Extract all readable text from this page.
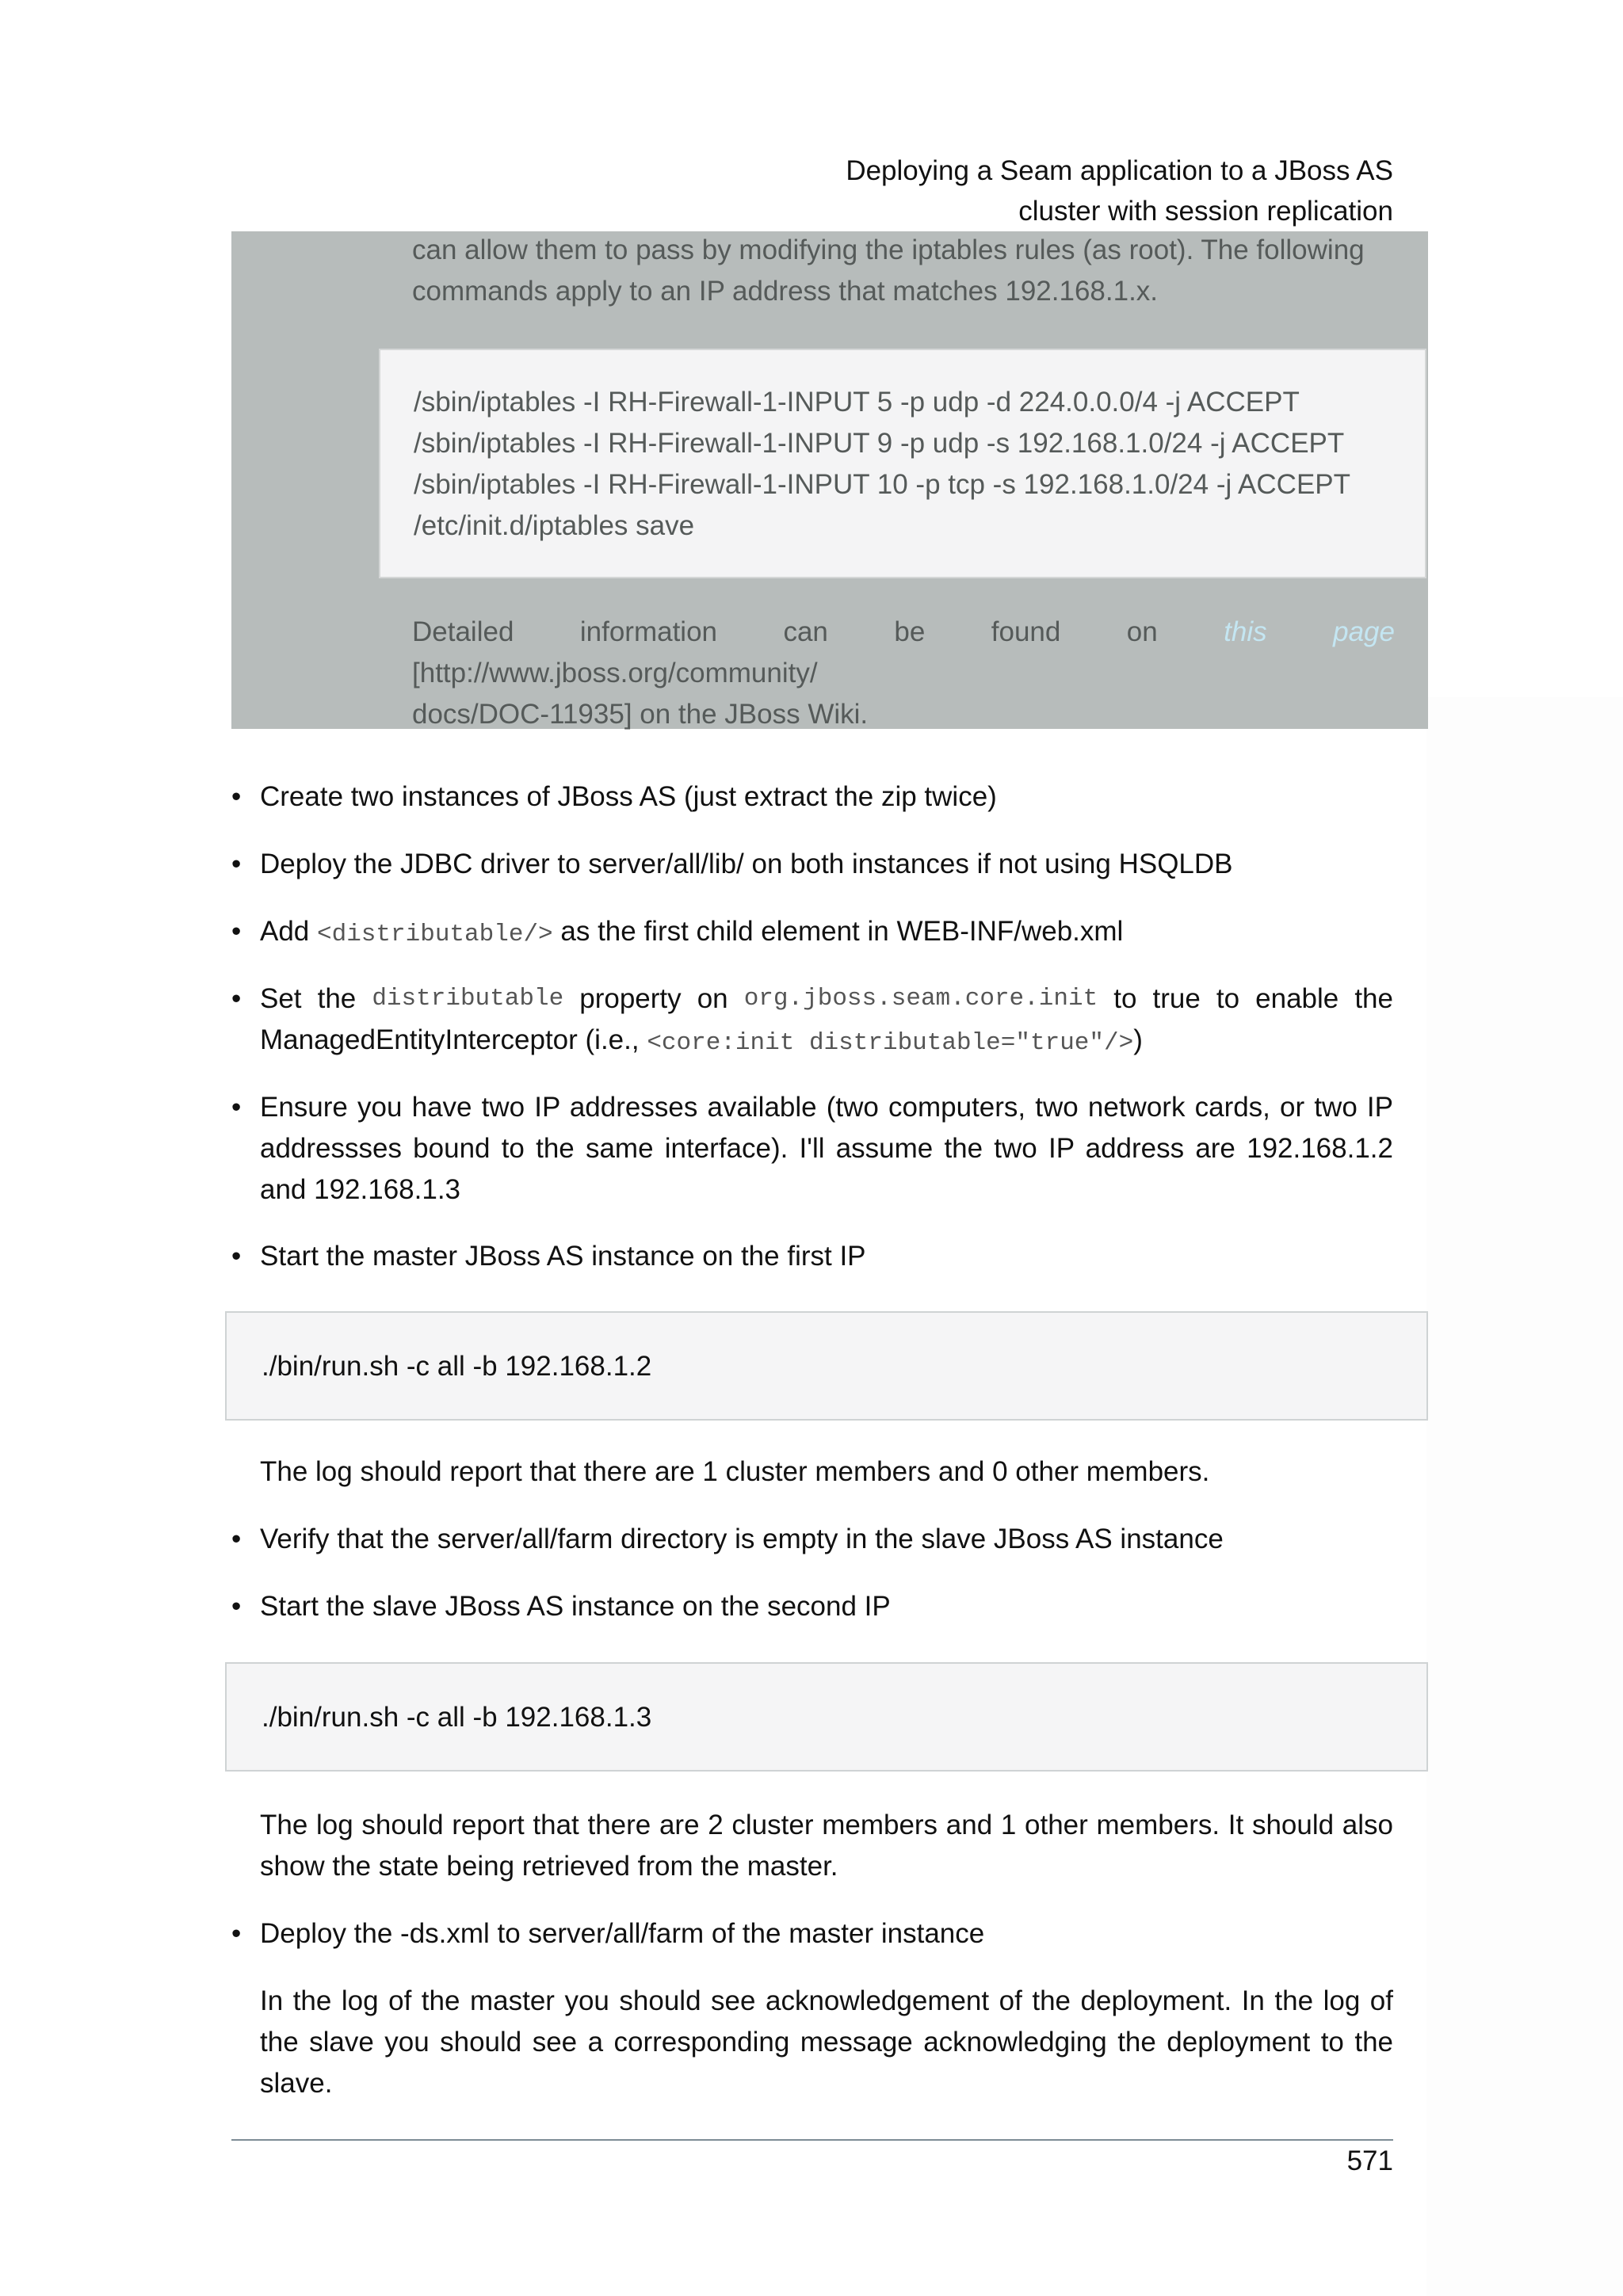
Deploying a Seam application to a JBoss AS
cluster with session replication
can allow them to pass by modifying the iptables rules (as root). The following
commands apply to an IP address that matches 192.168.1.x.
/sbin/iptables -I RH-Firewall-1-INPUT 5 -p udp -d 224.0.0.0/4 -j ACCEPT
/sbin/iptables -I RH-Firewall-1-INPUT 9 -p udp -s 192.168.1.0/24 -j ACCEPT
/sbin/iptables -I RH-Firewall-1-INPUT 10 -p tcp -s 192.168.1.0/24 -j ACCEPT
/etc/init.d/iptables save
Detailed information can be found on this page [http://www.jboss.org/community/
docs/DOC-11935] on the JBoss Wiki.
• Create two instances of JBoss AS (just extract the zip twice)
• Deploy the JDBC driver to server/all/lib/ on both instances if not using HSQLDB
• Add <distributable/> as the first child element in WEB-INF/web.xml
• Set the distributable property on org.jboss.seam.core.init to true to enable the
ManagedEntityInterceptor (i.e., <core:init distributable="true"/>)
• Ensure you have two IP addresses available (two computers, two network cards, or two IP addressses bound to the same interface). I'll assume the two IP address are 192.168.1.2 and 192.168.1.3
• Start the master JBoss AS instance on the first IP
./bin/run.sh -c all -b 192.168.1.2
The log should report that there are 1 cluster members and 0 other members.
• Verify that the server/all/farm directory is empty in the slave JBoss AS instance
• Start the slave JBoss AS instance on the second IP
./bin/run.sh -c all -b 192.168.1.3
The log should report that there are 2 cluster members and 1 other members. It should also show the state being retrieved from the master.
• Deploy the -ds.xml to server/all/farm of the master instance
In the log of the master you should see acknowledgement of the deployment. In the log of the slave you should see a corresponding message acknowledging the deployment to the slave.
571
